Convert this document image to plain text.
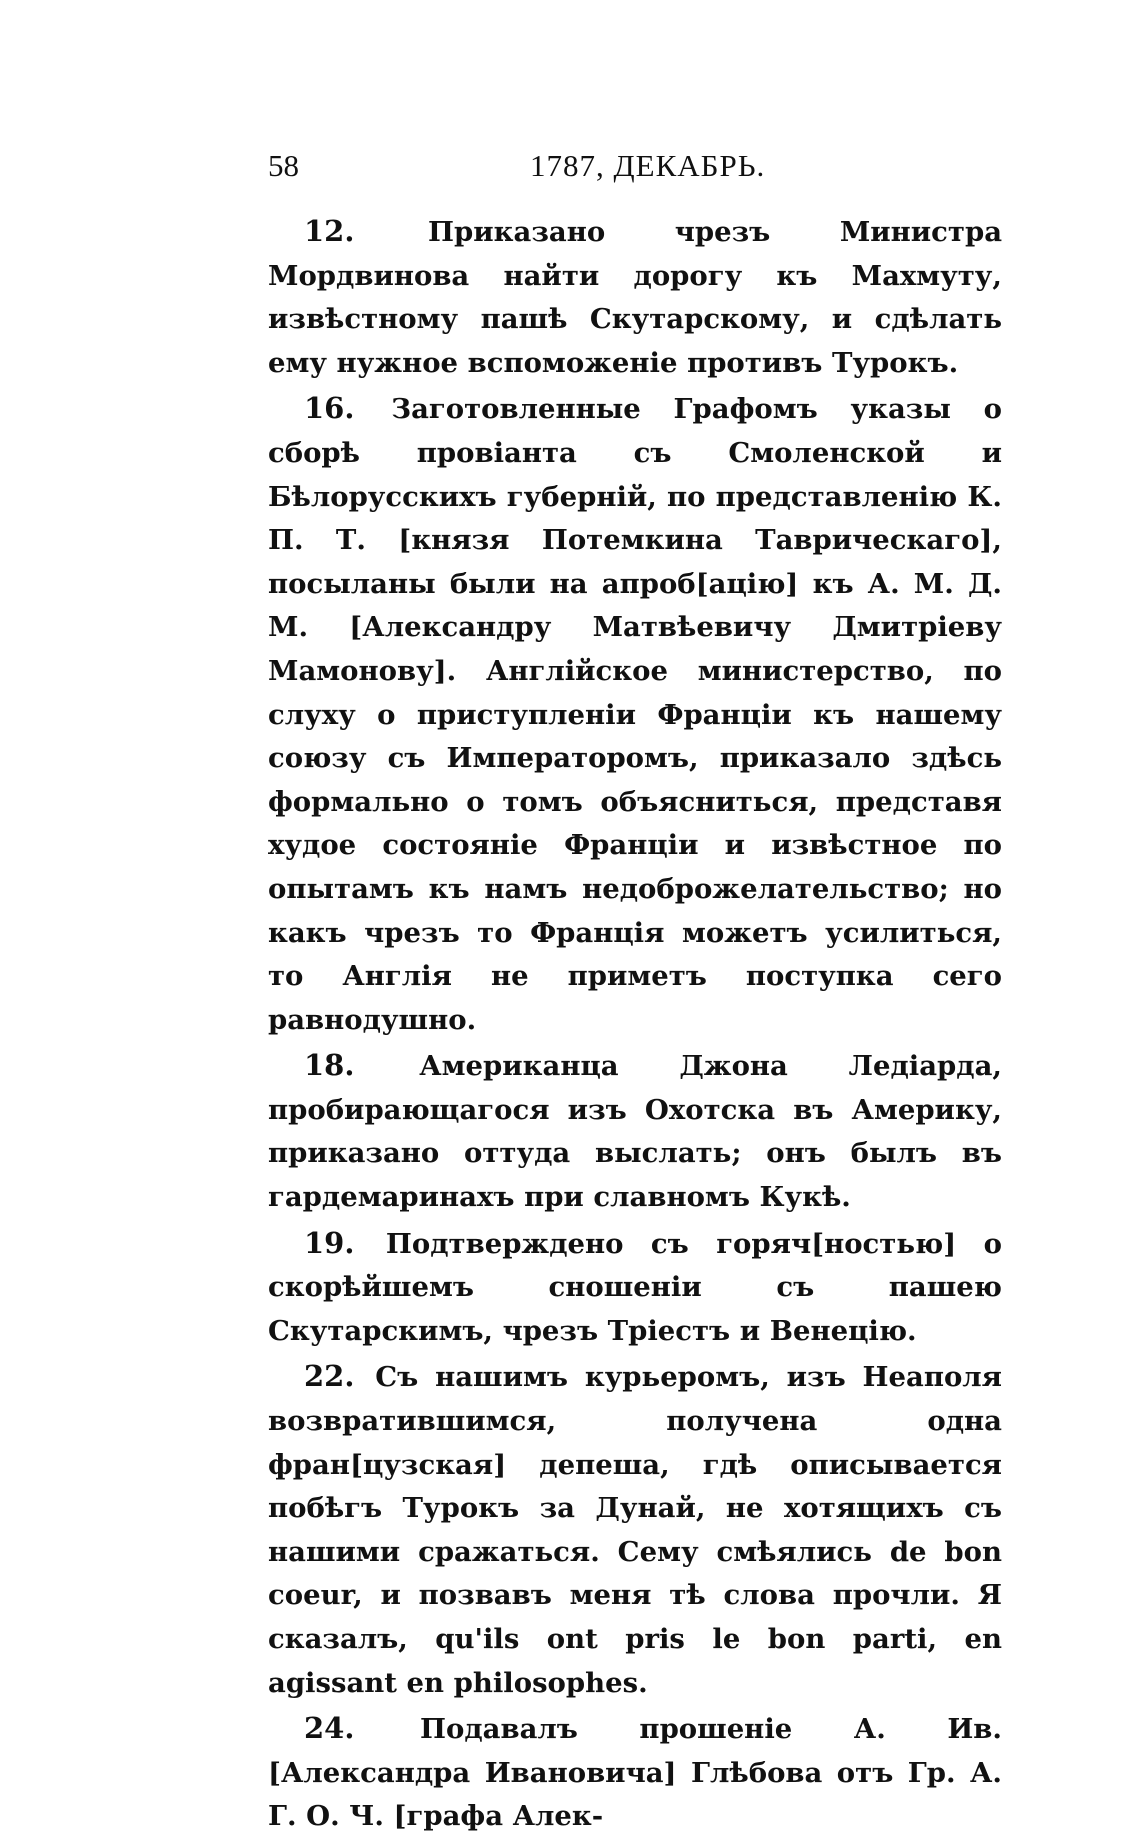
58	1787, ДЕКАБРЬ.

12.	Приказано чрезъ Министра Мордвинова найти дорогу къ Махмуту, извѣстному пашѣ Скутарскому, и сдѣлать ему нужное вспоможеніе противъ Турокъ.

16. Заготовленные Графомъ указы о сборѣ провіанта съ Смоленской и Бѣлорусскихъ губерній, по представленію К. П. Т. [князя Потемкина Таврическаго], посыланы были на апроб[ацію] къ А. М. Д. М. [Александру Матвѣевичу Дмитріеву Мамонову]. Англійское министерство, по слуху о приступленіи Франціи къ нашему союзу съ Императоромъ, приказало здѣсь формально о томъ объясниться, представя худое состояніе Франціи и извѣстное по опытамъ къ намъ недоброжелательство; но какъ чрезъ то Франція можетъ усилиться, то Англія не приметъ поступка сего равнодушно.

18. Американца Джона Ледіарда, пробирающагося изъ Охотска въ Америку, приказано оттуда выслать; онъ былъ въ гардемаринахъ при славномъ Кукѣ.

19. Подтверждено съ горяч[ностью] о скорѣйшемъ сношеніи съ пашею Скутарскимъ, чрезъ Тріестъ и Венецію.

22. Съ нашимъ курьеромъ, изъ Неаполя возвратившимся, получена одна фран[цузская] депеша, гдѣ описывается побѣгъ Турокъ за Дунай, не хотящихъ съ нашими сражаться. Сему смѣялись de bon coeur, и позвавъ меня тѣ слова прочли. Я сказалъ, qu'ils ont pris le bon parti, en agissant en philosophes.

24. Подавалъ прошеніе А. Ив. [Александра Ивановича] Глѣбова отъ Гр. А. Г. О. Ч. [графа Алек-
